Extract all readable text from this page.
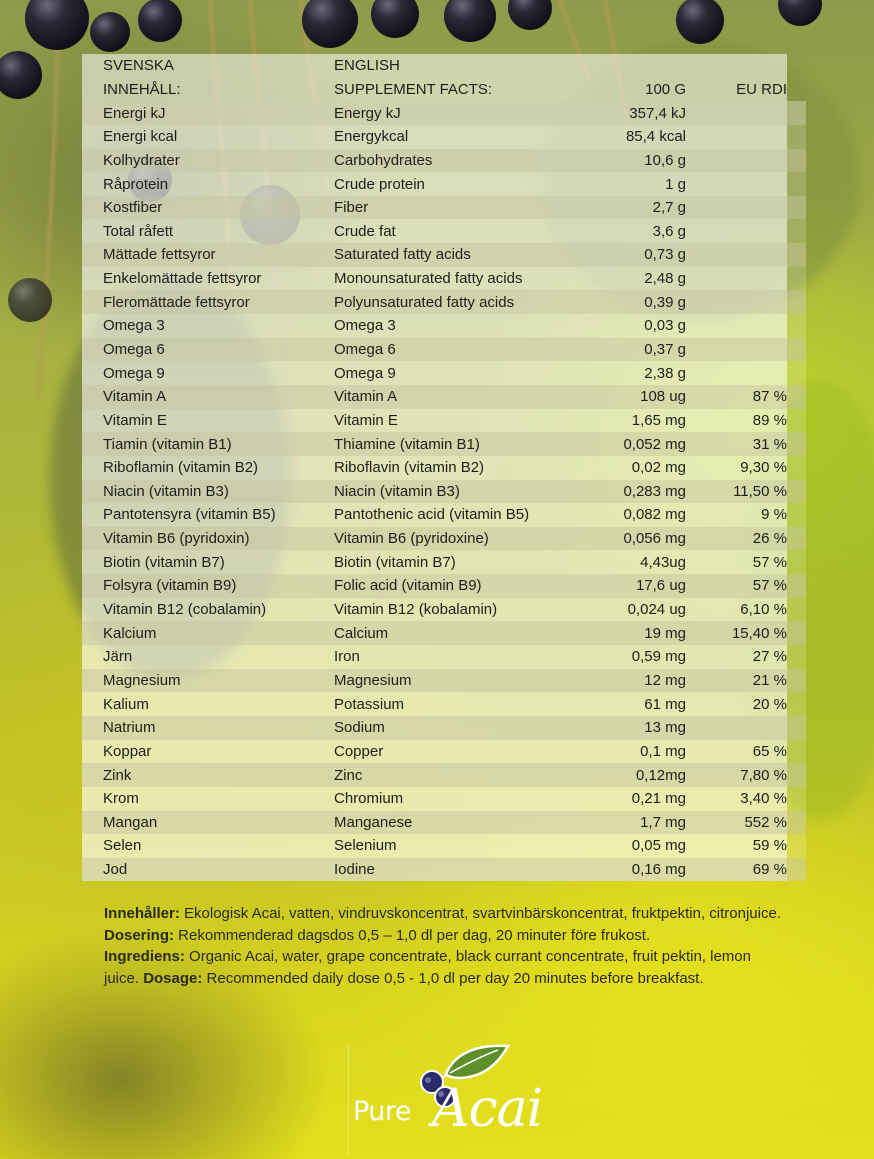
SVENSKA	ENGLISH		
INNEHÅLL:	SUPPLEMENT FACTS:	100 G	EU RDI
Energi kJ	Energy kJ	357,4 kJ	
Energi kcal	Energykcal	85,4 kcal	
Kolhydrater	Carbohydrates	10,6 g	
Råprotein	Crude protein	1 g	
Kostfiber	Fiber	2,7 g	
Total råfett	Crude fat	3,6 g	
Mättade fettsyror	Saturated fatty acids	0,73 g	
Enkelomättade fettsyror	Monounsaturated fatty acids	2,48 g	
Fleromättade fettsyror	Polyunsaturated fatty acids	0,39 g	
Omega 3	Omega 3	0,03 g	
Omega 6	Omega 6	0,37 g	
Omega 9	Omega 9	2,38 g	
Vitamin A	Vitamin A	108 ug	87 %
Vitamin E	Vitamin E	1,65 mg	89 %
Tiamin (vitamin B1)	Thiamine (vitamin B1)	0,052 mg	31 %
Riboflamin (vitamin B2)	Riboflavin (vitamin B2)	0,02 mg	9,30 %
Niacin (vitamin B3)	Niacin (vitamin B3)	0,283 mg	11,50 %
Pantotensyra (vitamin B5)	Pantothenic acid (vitamin B5)	0,082 mg	9 %
Vitamin B6 (pyridoxin)	Vitamin B6 (pyridoxine)	0,056 mg	26 %
Biotin (vitamin B7)	Biotin (vitamin B7)	4,43ug	57 %
Folsyra (vitamin B9)	Folic acid (vitamin B9)	17,6 ug	57 %
Vitamin B12 (cobalamin)	Vitamin B12 (kobalamin)	0,024 ug	6,10 %
Kalcium	Calcium	19 mg	15,40 %
Järn	Iron	0,59 mg	27 %
Magnesium	Magnesium	12 mg	21 %
Kalium	Potassium	61 mg	20 %
Natrium	Sodium	13 mg	
Koppar	Copper	0,1 mg	65 %
Zink	Zinc	0,12mg	7,80 %
Krom	Chromium	0,21 mg	3,40 %
Mangan	Manganese	1,7 mg	552 %
Selen	Selenium	0,05 mg	59 %
Jod	Iodine	0,16 mg	69 %
Innehåller: Ekologisk Acai, vatten, vindruvskoncentrat, svartvinbärskoncentrat, fruktpektin, citronjuice. Dosering: Rekommenderad dagsdos 0,5 – 1,0 dl per dag, 20 minuter före frukost.
Ingrediens: Organic Acai, water, grape concentrate, black currant concentrate, fruit pektin, lemon juice. Dosage: Recommended daily dose 0,5 - 1,0 dl per day 20 minutes before breakfast.
Pure Acai
